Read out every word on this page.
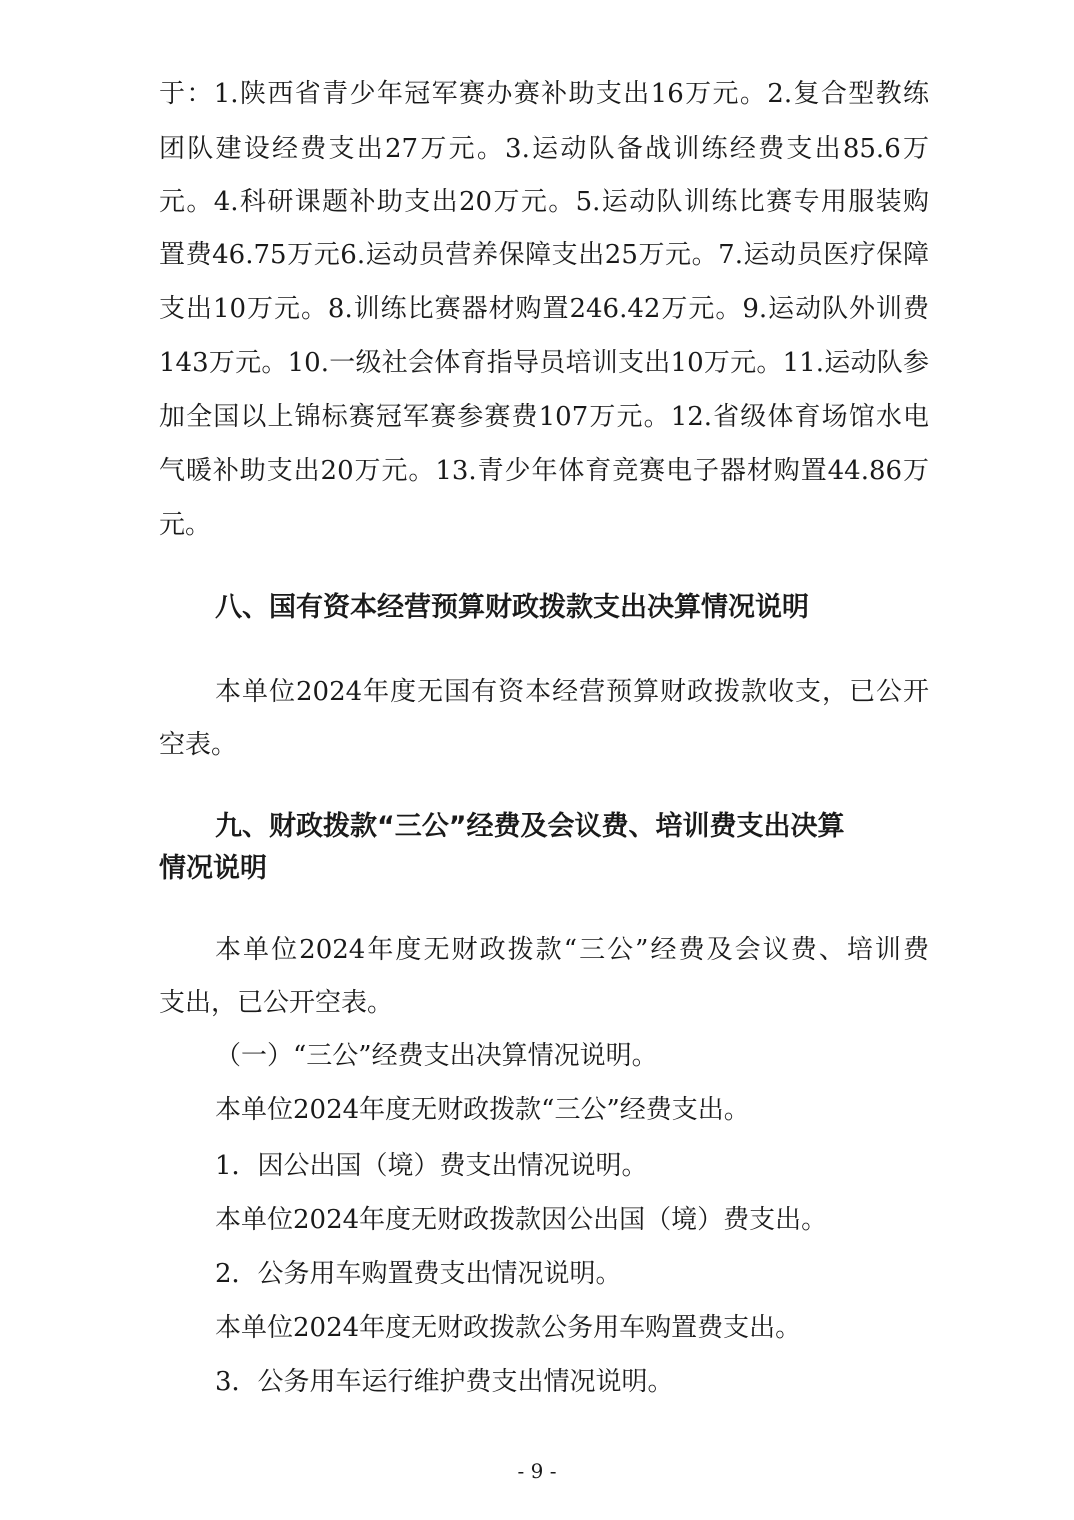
于：1.陕西省青少年冠军赛办赛补助支出16万元。2.复合型教练
团队建设经费支出27万元。3.运动队备战训练经费支出85.6万
元。4.科研课题补助支出20万元。5.运动队训练比赛专用服装购
置费46.75万元6.运动员营养保障支出25万元。7.运动员医疗保障
支出10万元。8.训练比赛器材购置246.42万元。9.运动队外训费
143万元。10.一级社会体育指导员培训支出10万元。11.运动队参
加全国以上锦标赛冠军赛参赛费107万元。12.省级体育场馆水电
气暖补助支出20万元。13.青少年体育竞赛电子器材购置44.86万
元。
八、国有资本经营预算财政拨款支出决算情况说明
本单位2024年度无国有资本经营预算财政拨款收支，已公开
空表。
九、财政拨款“三公”经费及会议费、培训费支出决算
情况说明
本单位2024年度无财政拨款“三公”经费及会议费、培训费
支出，已公开空表。
（一）“三公”经费支出决算情况说明。
本单位2024年度无财政拨款“三公”经费支出。
1．因公出国（境）费支出情况说明。
本单位2024年度无财政拨款因公出国（境）费支出。
2．公务用车购置费支出情况说明。
本单位2024年度无财政拨款公务用车购置费支出。
3．公务用车运行维护费支出情况说明。
- 9 -
